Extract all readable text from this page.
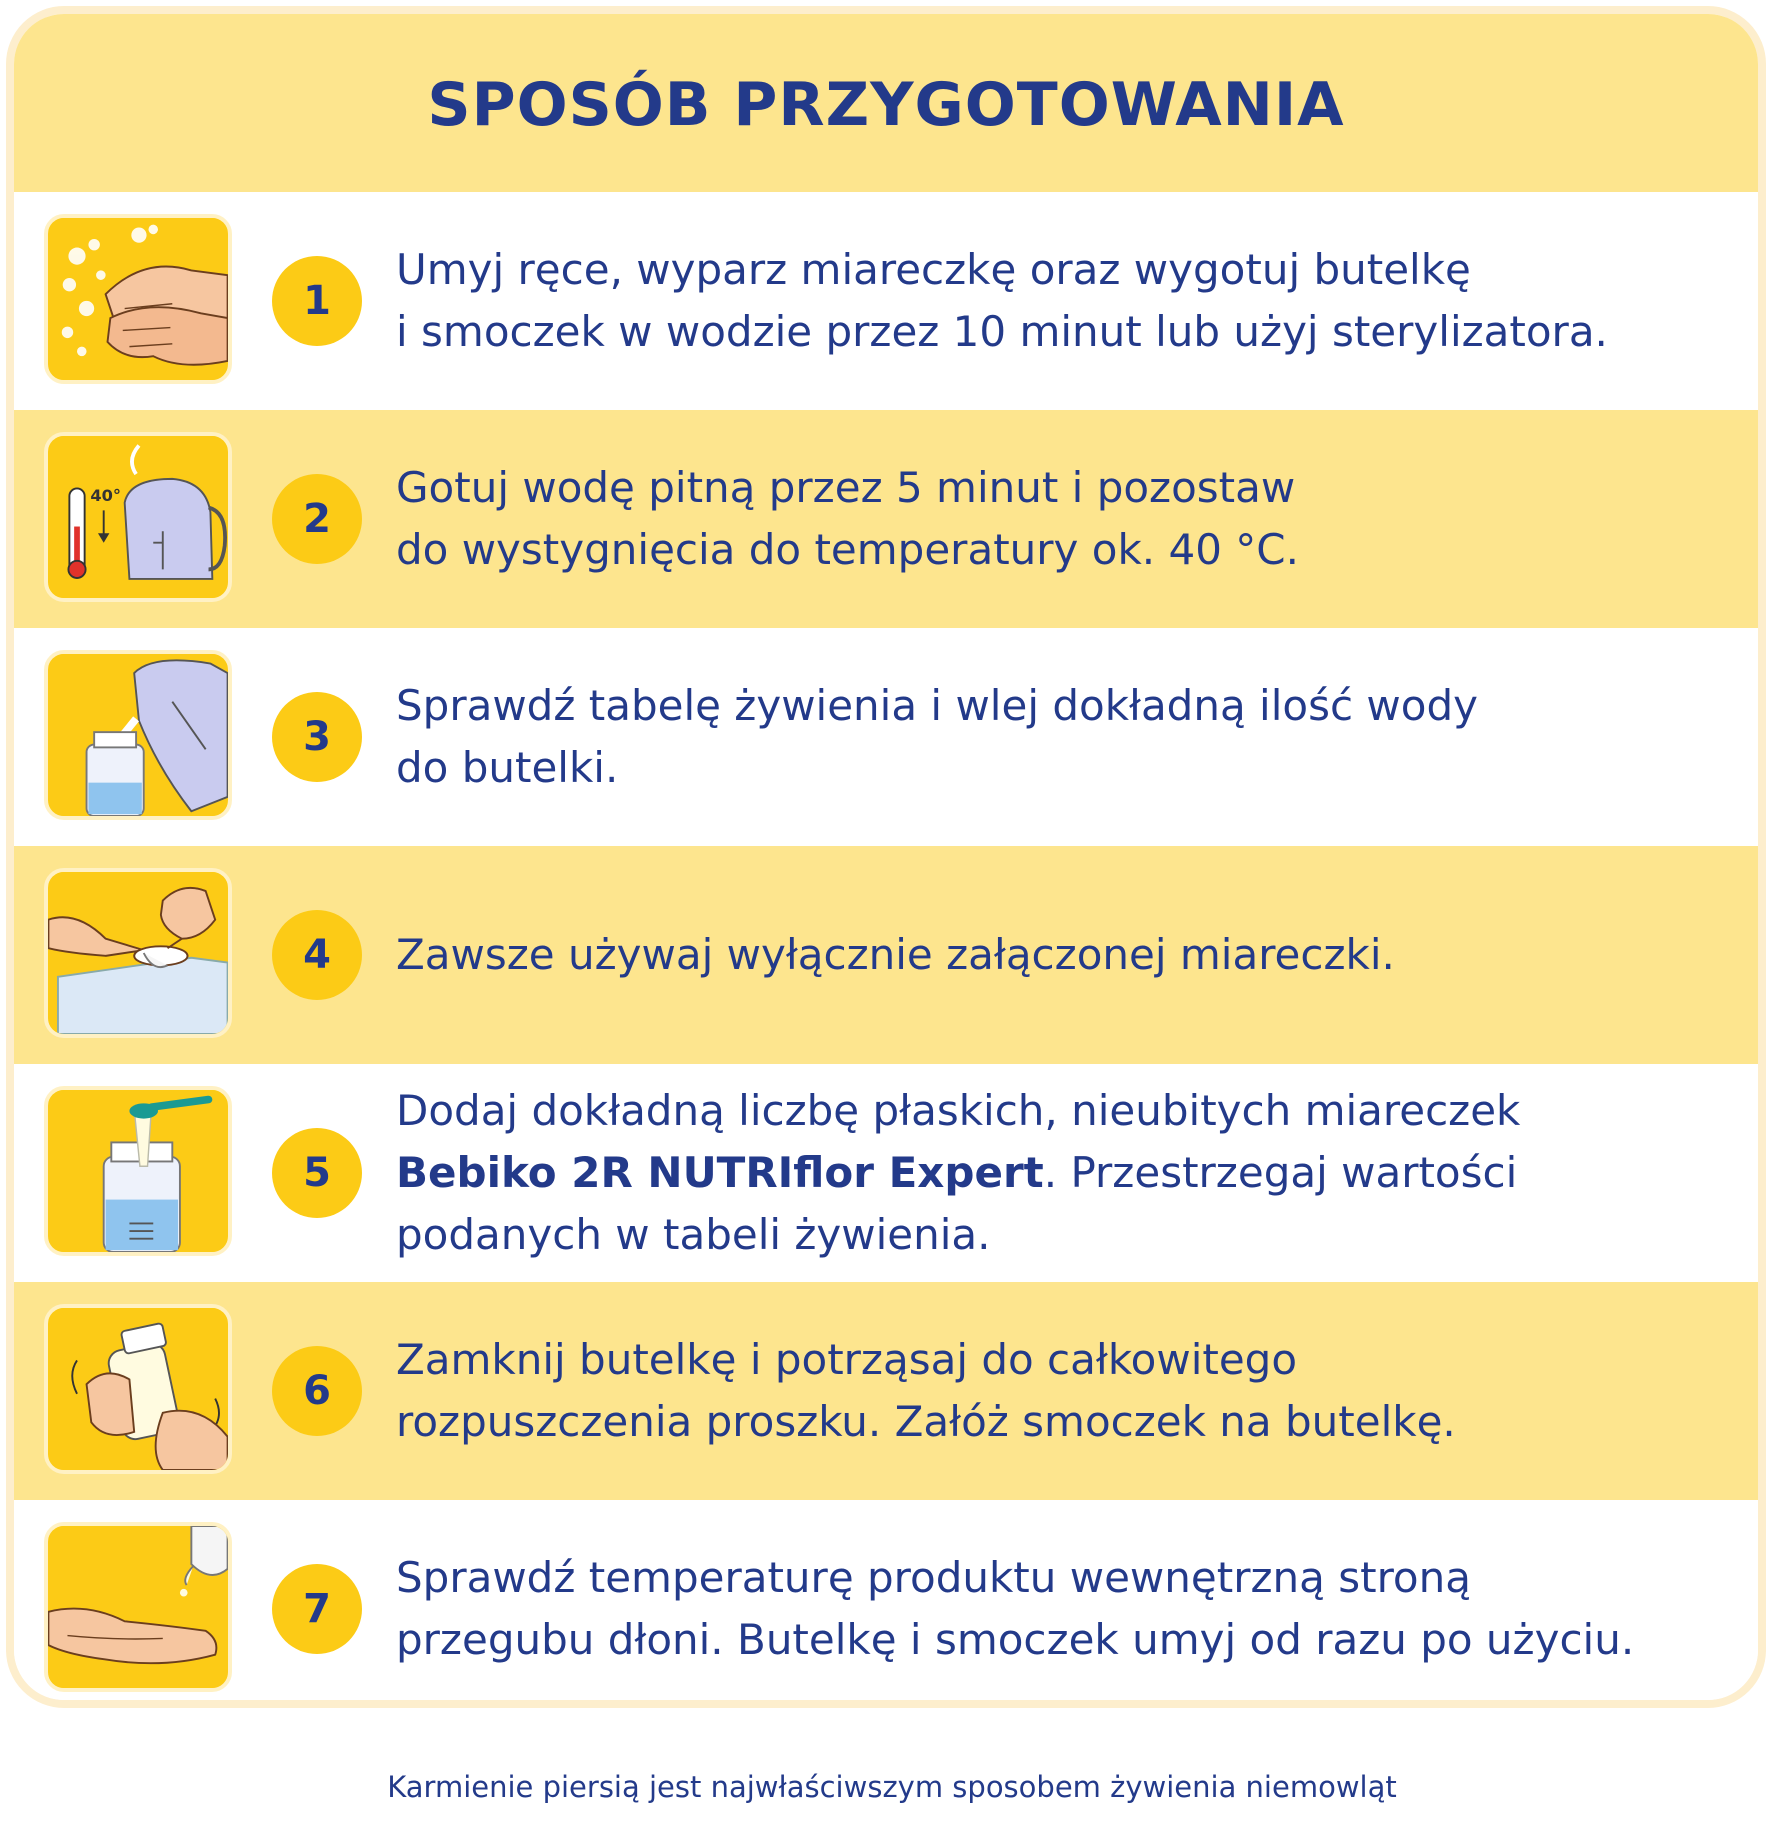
SPOSÓB PRZYGOTOWANIA
1
Umyj ręce, wyparz miareczkę oraz wygotuj butelkę
i smoczek w wodzie przez 10 minut lub użyj sterylizatora.
40°
2
Gotuj wodę pitną przez 5 minut i pozostaw
do wystygnięcia do temperatury ok. 40 °C.
3
Sprawdź tabelę żywienia i wlej dokładną ilość wody
do butelki.
4	Zawsze używaj wyłącznie załączonej miareczki.
5
Dodaj dokładną liczbę płaskich, nieubitych miareczek
Bebiko 2R NUTRIflor Expert. Przestrzegaj wartości
podanych w tabeli żywienia.
6
Zamknij butelkę i potrząsaj do całkowitego
rozpuszczenia proszku. Załóż smoczek na butelkę.
7
Sprawdź temperaturę produktu wewnętrzną stroną
przegubu dłoni. Butelkę i smoczek umyj od razu po użyciu.
Karmienie piersią jest najwłaściwszym sposobem żywienia niemowląt
